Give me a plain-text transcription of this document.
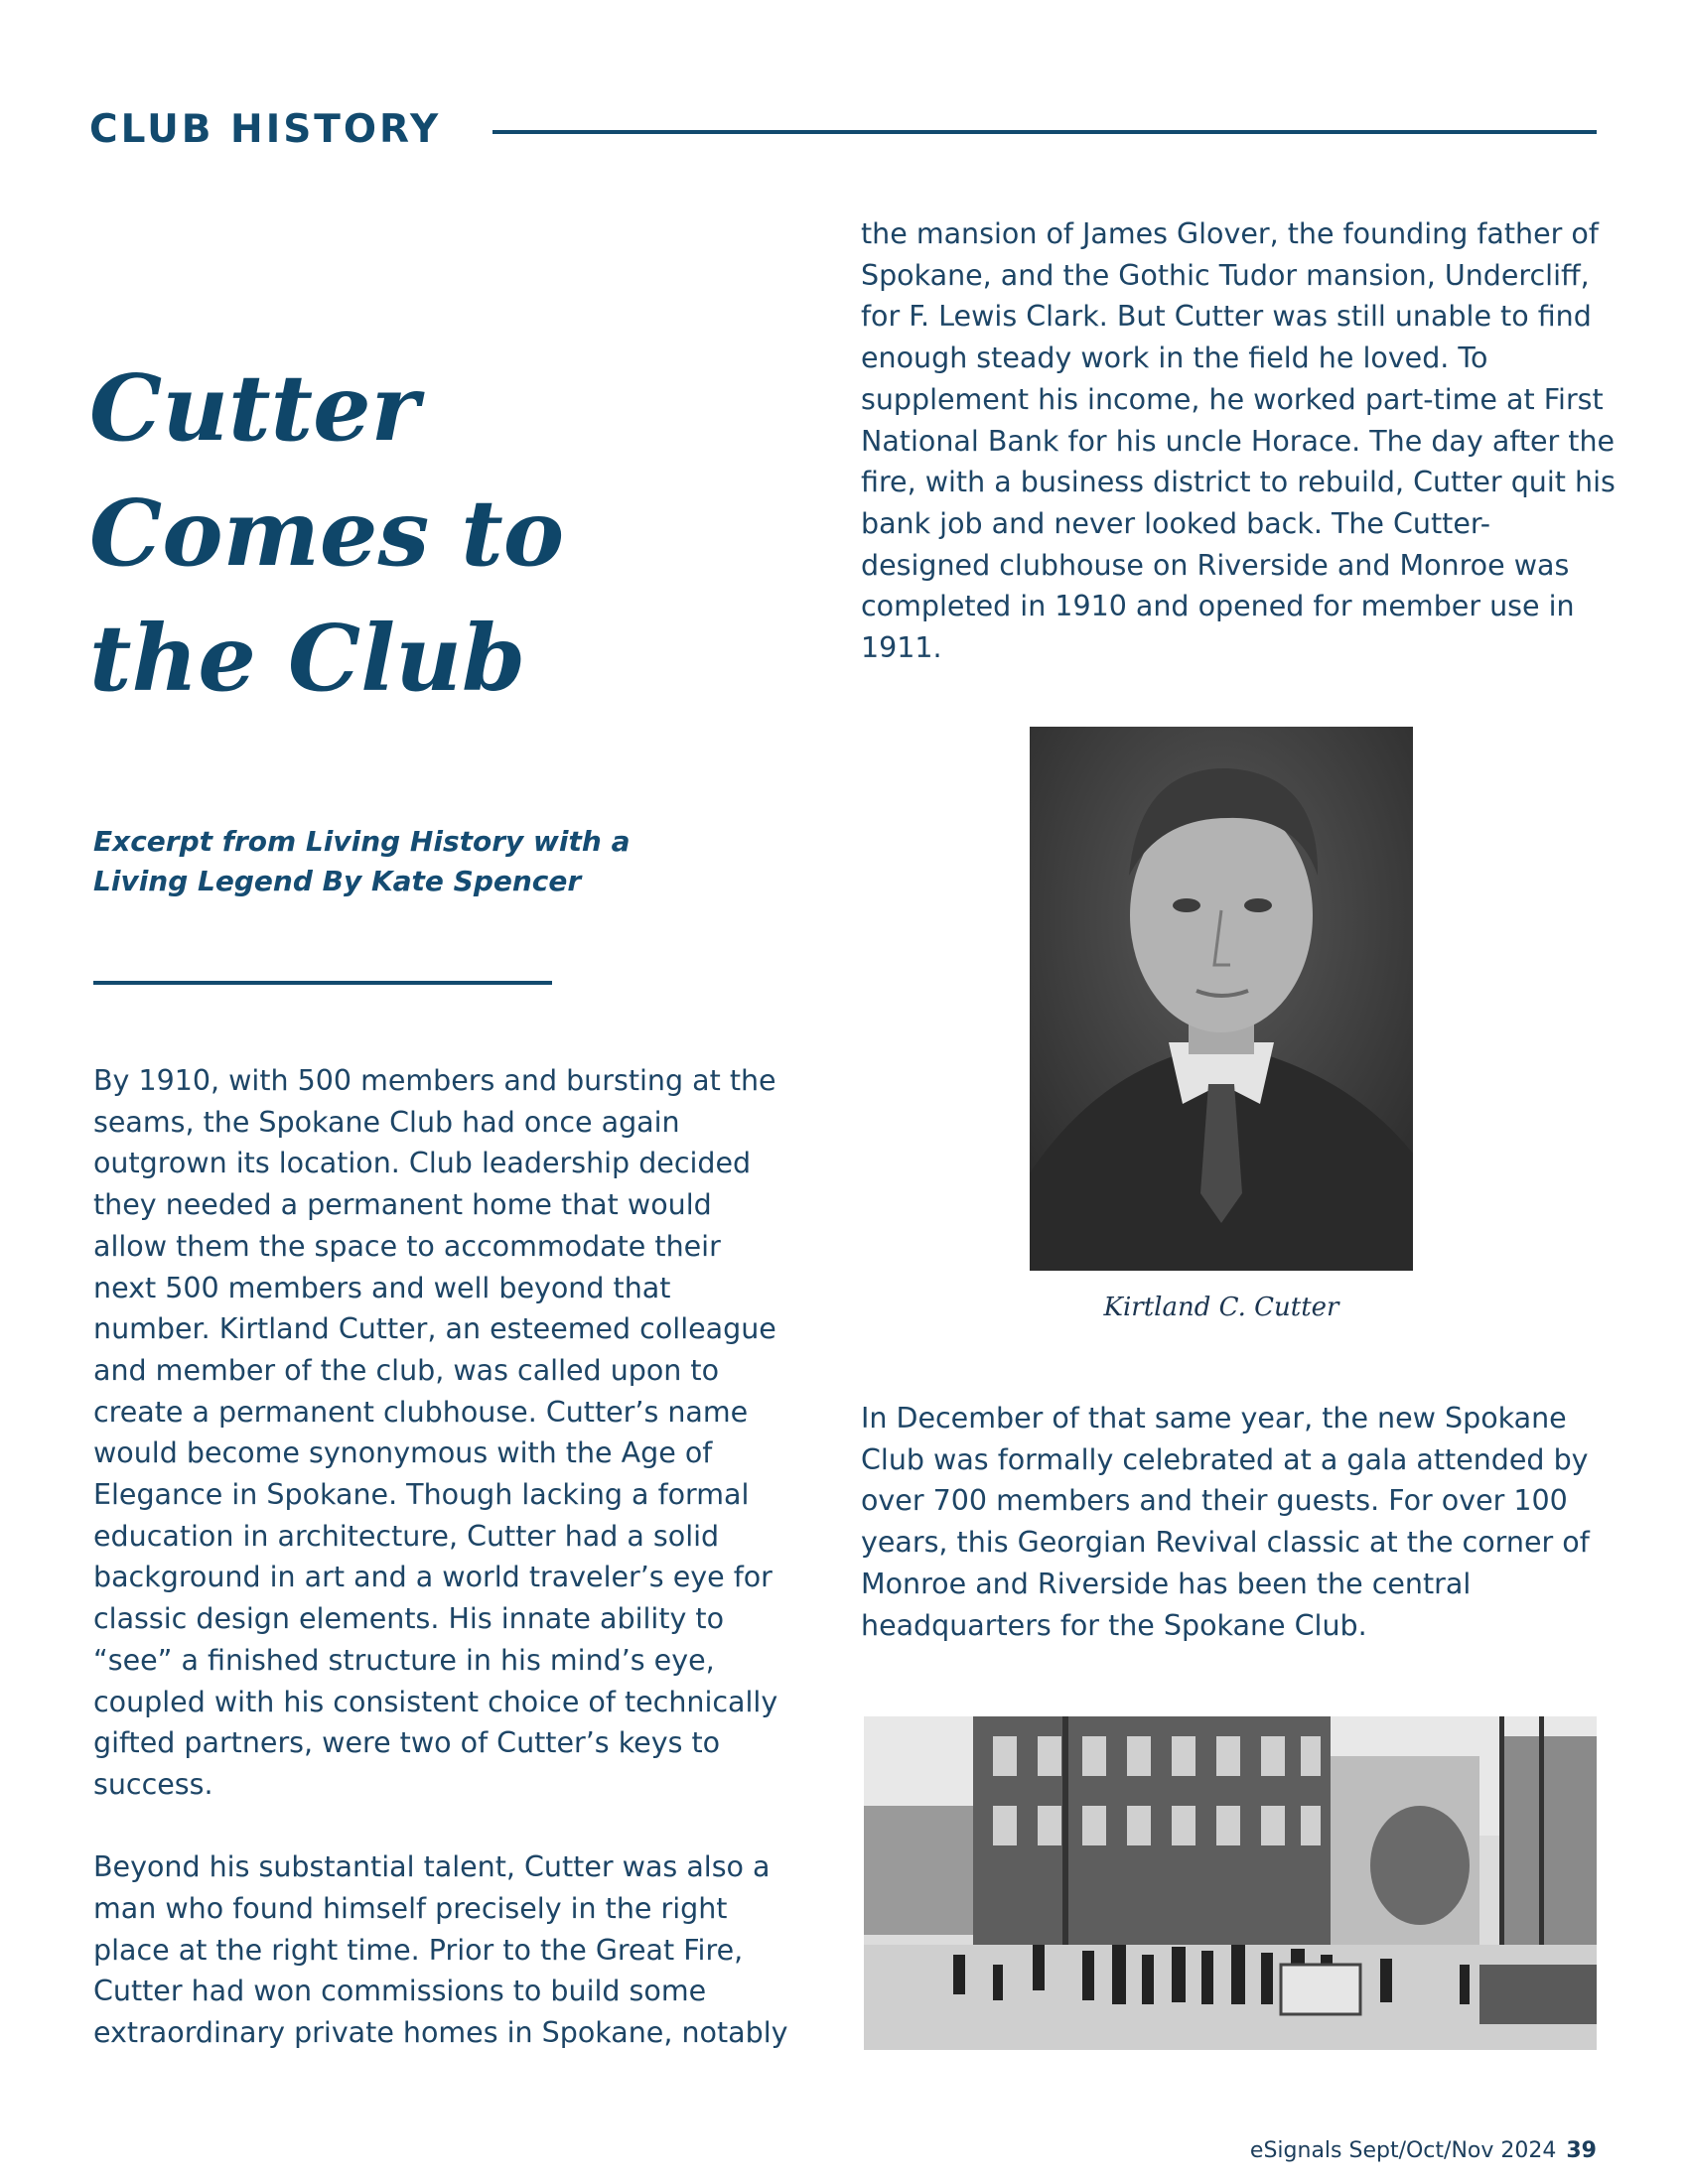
CLUB HISTORY
Cutter
Comes to
the Club

Excerpt from Living History with a
Living Legend By Kate Spencer

By 1910, with 500 members and bursting at the seams, the Spokane Club had once again outgrown its location. Club leadership decided they needed a permanent home that would allow them the space to accommodate their next 500 members and well beyond that number. Kirtland Cutter, an esteemed colleague and member of the club, was called upon to create a permanent clubhouse. Cutter’s name would become synonymous with the Age of Elegance in Spokane. Though lacking a formal education in architecture, Cutter had a solid background in art and a world traveler’s eye for classic design elements. His innate ability to “see” a finished structure in his mind’s eye, coupled with his consistent choice of technically gifted partners, were two of Cutter’s keys to success.

Beyond his substantial talent, Cutter was also a man who found himself precisely in the right place at the right time. Prior to the Great Fire, Cutter had won commissions to build some extraordinary private homes in Spokane, notably

the mansion of James Glover, the founding father of Spokane, and the Gothic Tudor mansion, Undercliff, for F. Lewis Clark. But Cutter was still unable to find enough steady work in the field he loved. To supplement his income, he worked part-time at First National Bank for his uncle Horace. The day after the fire, with a business district to rebuild, Cutter quit his bank job and never looked back. The Cutter-designed clubhouse on Riverside and Monroe was completed in 1910 and opened for member use in 1911.

Kirtland C. Cutter

In December of that same year, the new Spokane Club was formally celebrated at a gala attended by over 700 members and their guests. For over 100 years, this Georgian Revival classic at the corner of Monroe and Riverside has been the central headquarters for the Spokane Club.

eSignals Sept/Oct/Nov 2024 39
